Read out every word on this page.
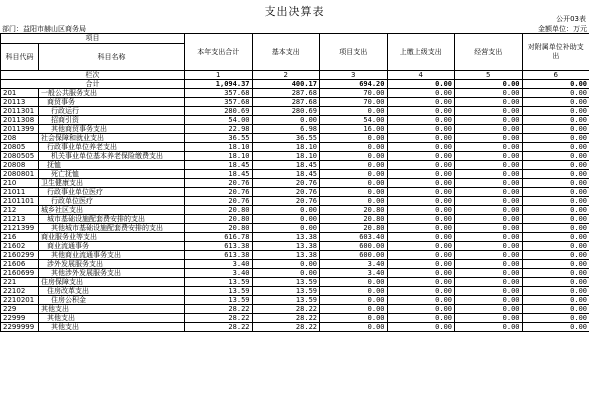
支出决算表
公开03表
部门：益阳市赫山区商务局	金额单位：万元
项目		本年支出合计	基本支出	项目支出	上缴上级支出	经营支出	对附属单位补助支出
科目代码	科目名称						
栏次		1	2	3	4	5	6
合计		1,094.37	400.17	694.20	0.00	0.00	0.00
201	一般公共服务支出	357.68	287.68	70.00	0.00	0.00	0.00
20113	商贸事务	357.68	287.68	70.00	0.00	0.00	0.00
2011301	行政运行	280.69	280.69	0.00	0.00	0.00	0.00
2011308	招商引资	54.00	0.00	54.00	0.00	0.00	0.00
2011399	其他商贸事务支出	22.98	6.98	16.00	0.00	0.00	0.00
208	社会保障和就业支出	36.55	36.55	0.00	0.00	0.00	0.00
20805	行政事业单位养老支出	18.10	18.10	0.00	0.00	0.00	0.00
2080505	机关事业单位基本养老保险缴费支出	18.10	18.10	0.00	0.00	0.00	0.00
20808	抚恤	18.45	18.45	0.00	0.00	0.00	0.00
2080801	死亡抚恤	18.45	18.45	0.00	0.00	0.00	0.00
210	卫生健康支出	20.76	20.76	0.00	0.00	0.00	0.00
21011	行政事业单位医疗	20.76	20.76	0.00	0.00	0.00	0.00
2101101	行政单位医疗	20.76	20.76	0.00	0.00	0.00	0.00
212	城乡社区支出	20.80	0.00	20.80	0.00	0.00	0.00
21213	城市基础设施配套费安排的支出	20.80	0.00	20.80	0.00	0.00	0.00
2121399	其他城市基础设施配套费安排的支出	20.80	0.00	20.80	0.00	0.00	0.00
216	商业服务业等支出	616.78	13.38	603.40	0.00	0.00	0.00
21602	商业流通事务	613.38	13.38	600.00	0.00	0.00	0.00
2160299	其他商业流通事务支出	613.38	13.38	600.00	0.00	0.00	0.00
21606	涉外发展服务支出	3.40	0.00	3.40	0.00	0.00	0.00
2160699	其他涉外发展服务支出	3.40	0.00	3.40	0.00	0.00	0.00
221	住房保障支出	13.59	13.59	0.00	0.00	0.00	0.00
22102	住房改革支出	13.59	13.59	0.00	0.00	0.00	0.00
2210201	住房公积金	13.59	13.59	0.00	0.00	0.00	0.00
229	其他支出	28.22	28.22	0.00	0.00	0.00	0.00
22999	其他支出	28.22	28.22	0.00	0.00	0.00	0.00
2299999	其他支出	28.22	28.22	0.00	0.00	0.00	0.00
